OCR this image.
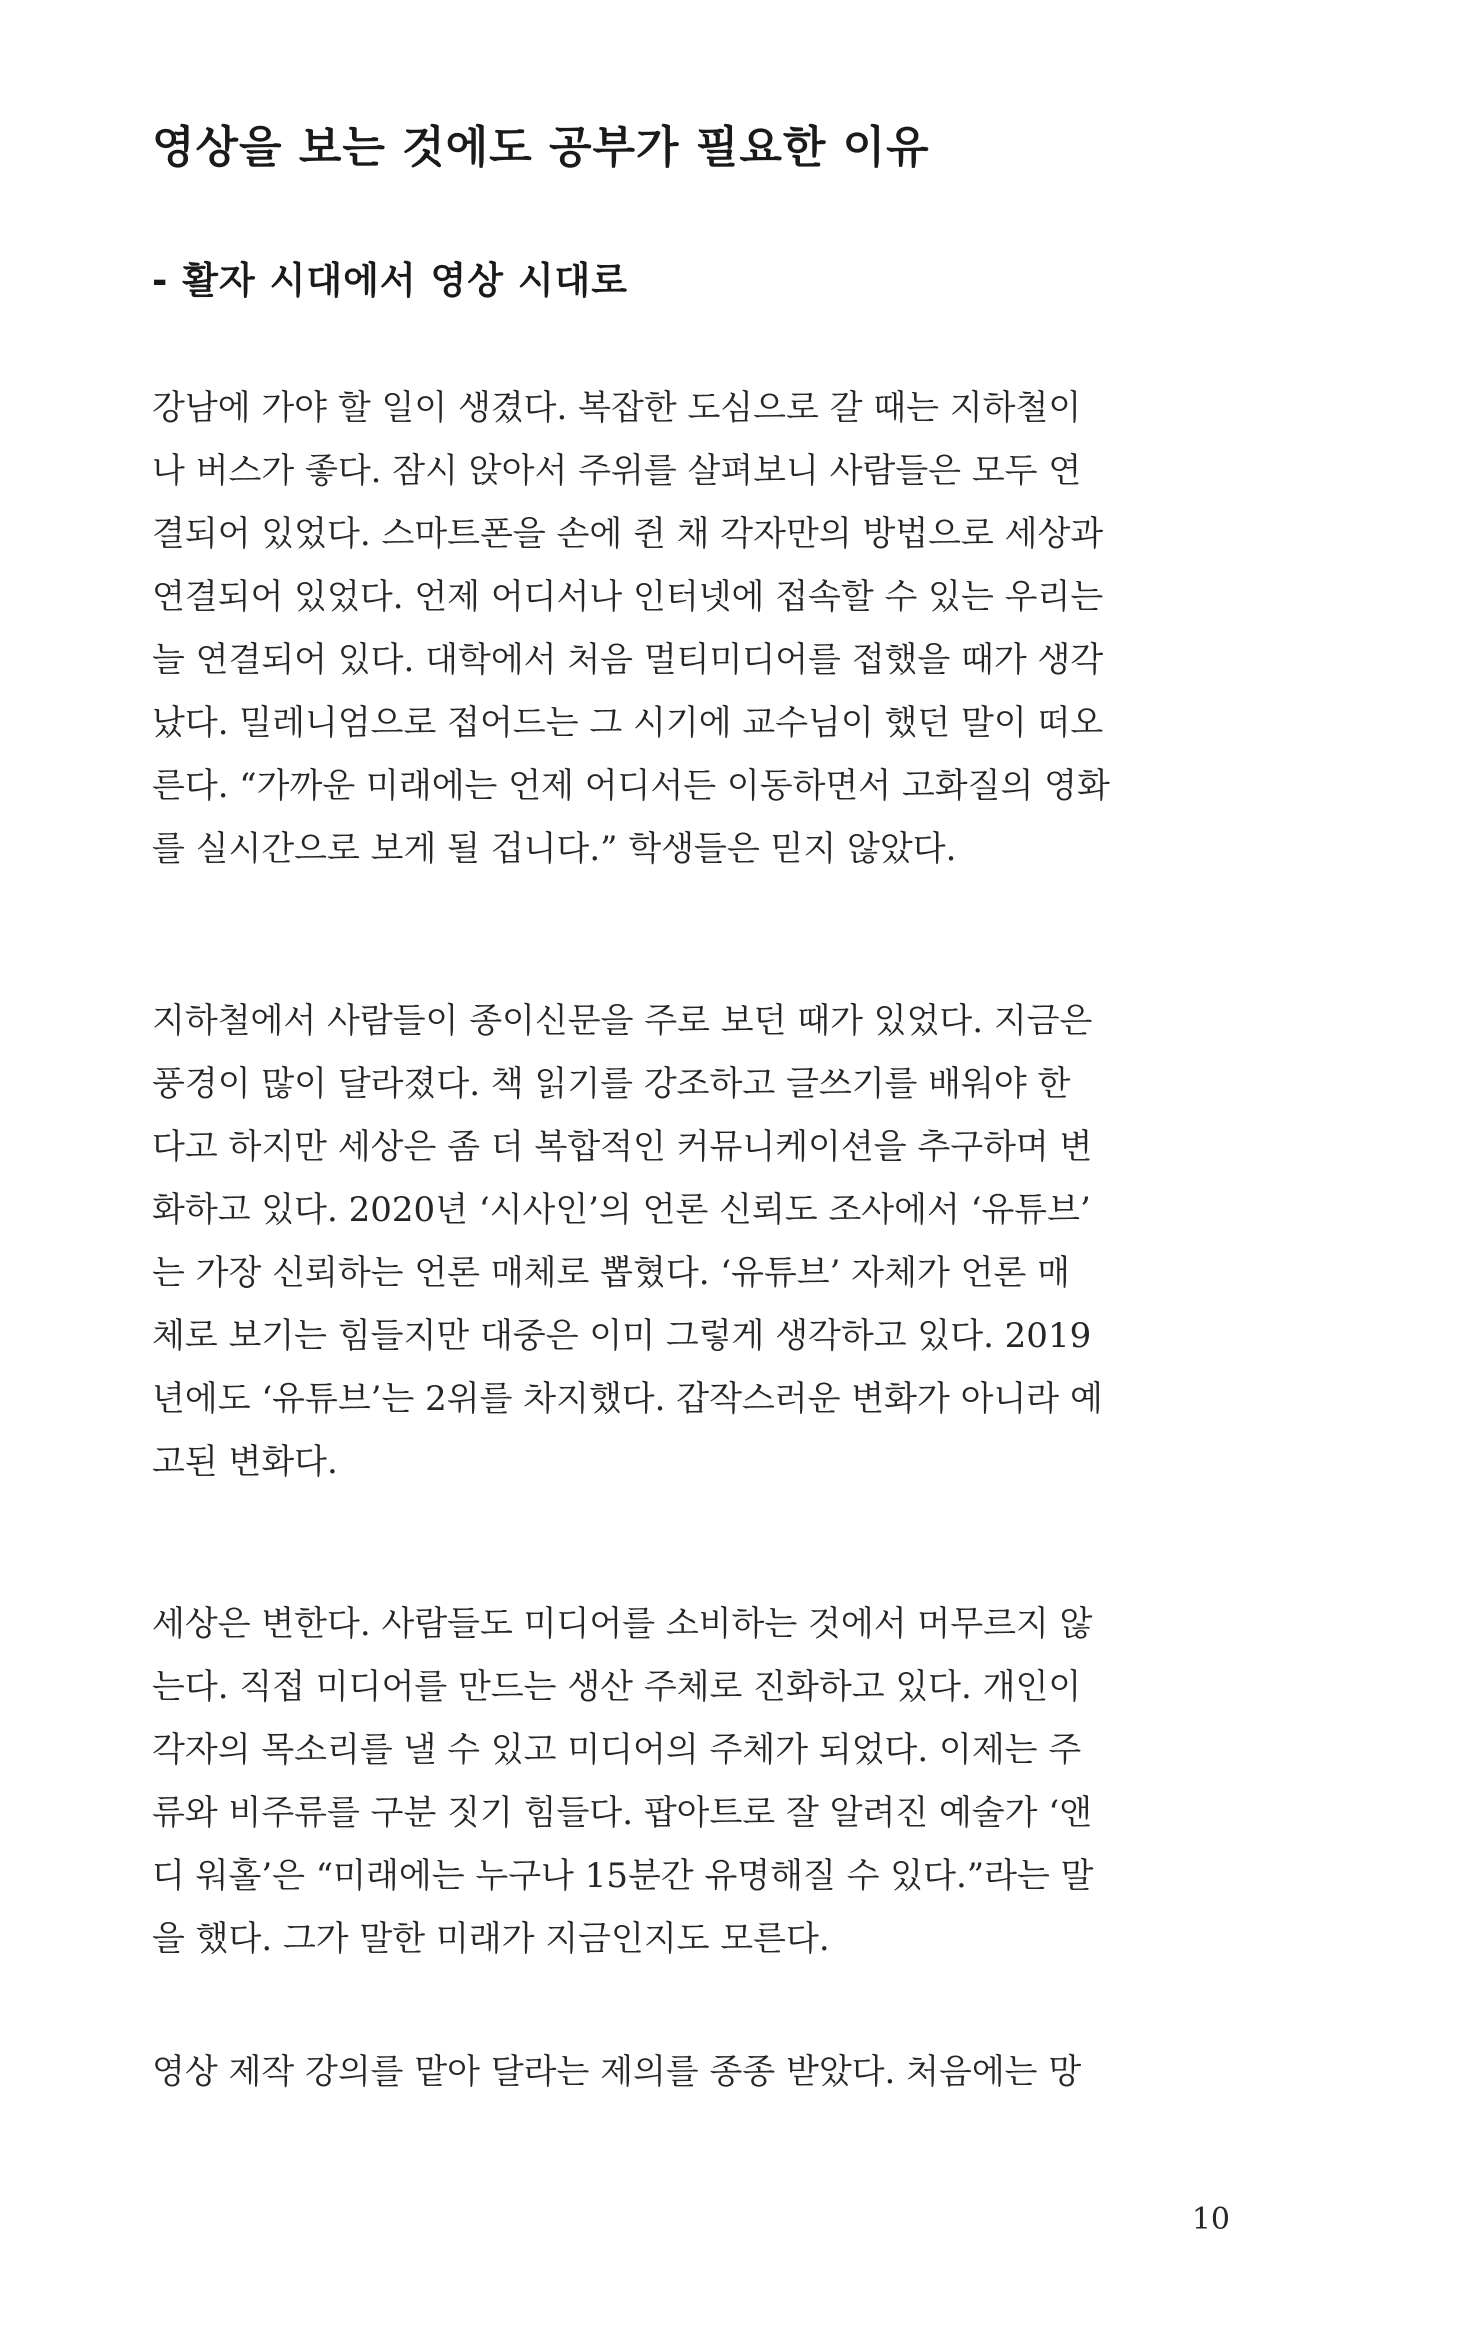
영상을 보는 것에도 공부가 필요한 이유
- 활자 시대에서 영상 시대로

강남에 가야 할 일이 생겼다. 복잡한 도심으로 갈 때는 지하철이

나 버스가 좋다. 잠시 앉아서 주위를 살펴보니 사람들은 모두 연

결되어 있었다. 스마트폰을 손에 쥔 채 각자만의 방법으로 세상과

연결되어 있었다. 언제 어디서나 인터넷에 접속할 수 있는 우리는

늘 연결되어 있다. 대학에서 처음 멀티미디어를 접했을 때가 생각

났다. 밀레니엄으로 접어드는 그 시기에 교수님이 했던 말이 떠오

른다. “가까운 미래에는 언제 어디서든 이동하면서 고화질의 영화

를 실시간으로 보게 될 겁니다.” 학생들은 믿지 않았다.

지하철에서 사람들이 종이신문을 주로 보던 때가 있었다. 지금은

풍경이 많이 달라졌다. 책 읽기를 강조하고 글쓰기를 배워야 한

다고 하지만 세상은 좀 더 복합적인 커뮤니케이션을 추구하며 변

화하고 있다. 2020년 ‘시사인’의 언론 신뢰도 조사에서 ‘유튜브’

는 가장 신뢰하는 언론 매체로 뽑혔다. ‘유튜브’ 자체가 언론 매

체로 보기는 힘들지만 대중은 이미 그렇게 생각하고 있다. 2019

년에도 ‘유튜브’는 2위를 차지했다. 갑작스러운 변화가 아니라 예

고된 변화다.

세상은 변한다. 사람들도 미디어를 소비하는 것에서 머무르지 않

는다. 직접 미디어를 만드는 생산 주체로 진화하고 있다. 개인이

각자의 목소리를 낼 수 있고 미디어의 주체가 되었다. 이제는 주

류와 비주류를 구분 짓기 힘들다. 팝아트로 잘 알려진 예술가 ‘앤

디 워홀’은 “미래에는 누구나 15분간 유명해질 수 있다.”라는 말

을 했다. 그가 말한 미래가 지금인지도 모른다.

영상 제작 강의를 맡아 달라는 제의를 종종 받았다. 처음에는 망

10
